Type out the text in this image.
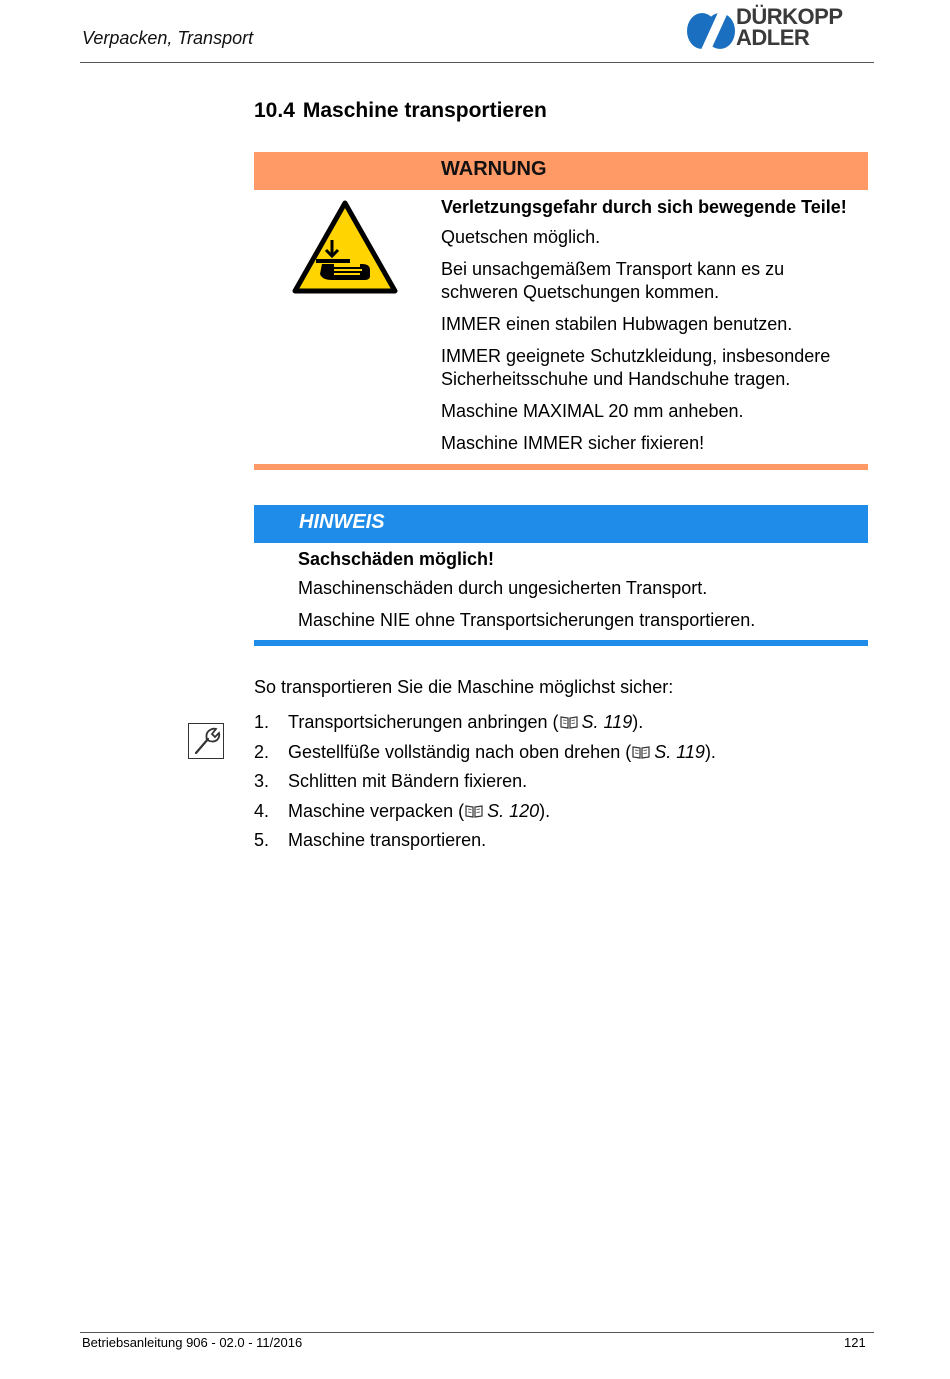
Verpacken, Transport
DÜRKOPP
ADLER
10.4 Maschine transportieren
WARNUNG

Verletzungsgefahr durch sich bewegende Teile!

Quetschen möglich.

Bei unsachgemäßem Transport kann es zu schweren Quetschungen kommen.

IMMER einen stabilen Hubwagen benutzen.

IMMER geeignete Schutzkleidung, insbesondere Sicherheitsschuhe und Handschuhe tragen.

Maschine MAXIMAL 20 mm anheben.

Maschine IMMER sicher fixieren!

HINWEIS

Sachschäden möglich!

Maschinenschäden durch ungesicherten Transport.

Maschine NIE ohne Transportsicherungen transportieren.

So transportieren Sie die Maschine möglichst sicher:
1. Transportsicherungen anbringen ( S. 119).
2. Gestellfüße vollständig nach oben drehen ( S. 119).
3. Schlitten mit Bändern fixieren.
4. Maschine verpacken ( S. 120).
5. Maschine transportieren.
Betriebsanleitung 906 - 02.0 - 11/2016	121
